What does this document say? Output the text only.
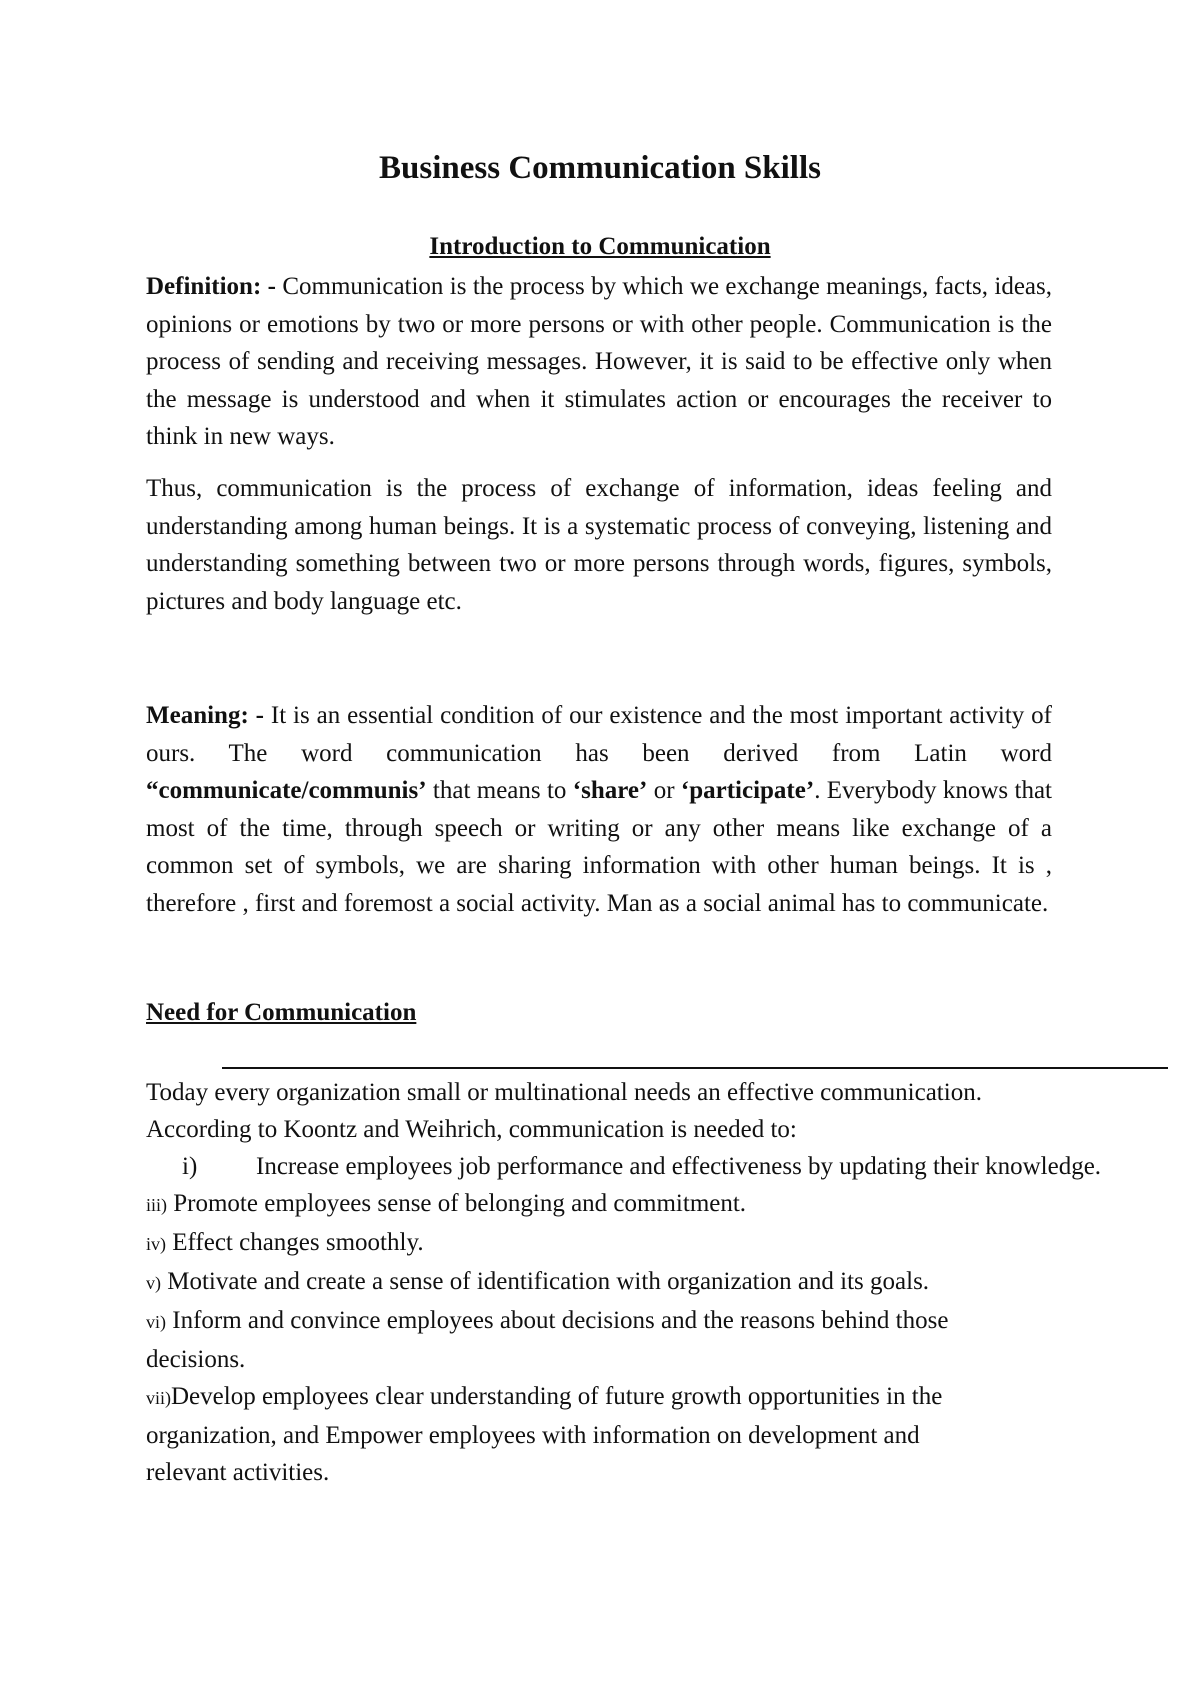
Business Communication Skills
Introduction to Communication

Definition: - Communication is the process by which we exchange meanings, facts, ideas, opinions or emotions by two or more persons or with other people. Communication is the process of sending and receiving messages. However, it is said to be effective only when the message is understood and when it stimulates action or encourages the receiver to think in new ways.

Thus, communication is the process of exchange of information, ideas feeling and understanding among human beings. It is a systematic process of conveying, listening and understanding something between two or more persons through words, figures, symbols, pictures and body language etc.

Meaning: - It is an essential condition of our existence and the most important activity of ours. The word communication has been derived from Latin word “communicate/communis’ that means to ‘share’ or ‘participate’. Everybody knows that most of the time, through speech or writing or any other means like exchange of a common set of symbols, we are sharing information with other human beings. It is , therefore , first and foremost a social activity. Man as a social animal has to communicate.

Need for Communication
Today every organization small or multinational needs an effective communication.
According to Koontz and Weihrich, communication is needed to:
i) Increase employees job performance and effectiveness by updating their knowledge.
iii) Promote employees sense of belonging and commitment.
iv) Effect changes smoothly.
v) Motivate and create a sense of identification with organization and its goals.
vi) Inform and convince employees about decisions and the reasons behind those
decisions.
vii)Develop employees clear understanding of future growth opportunities in the
organization, and Empower employees with information on development and
relevant activities.
